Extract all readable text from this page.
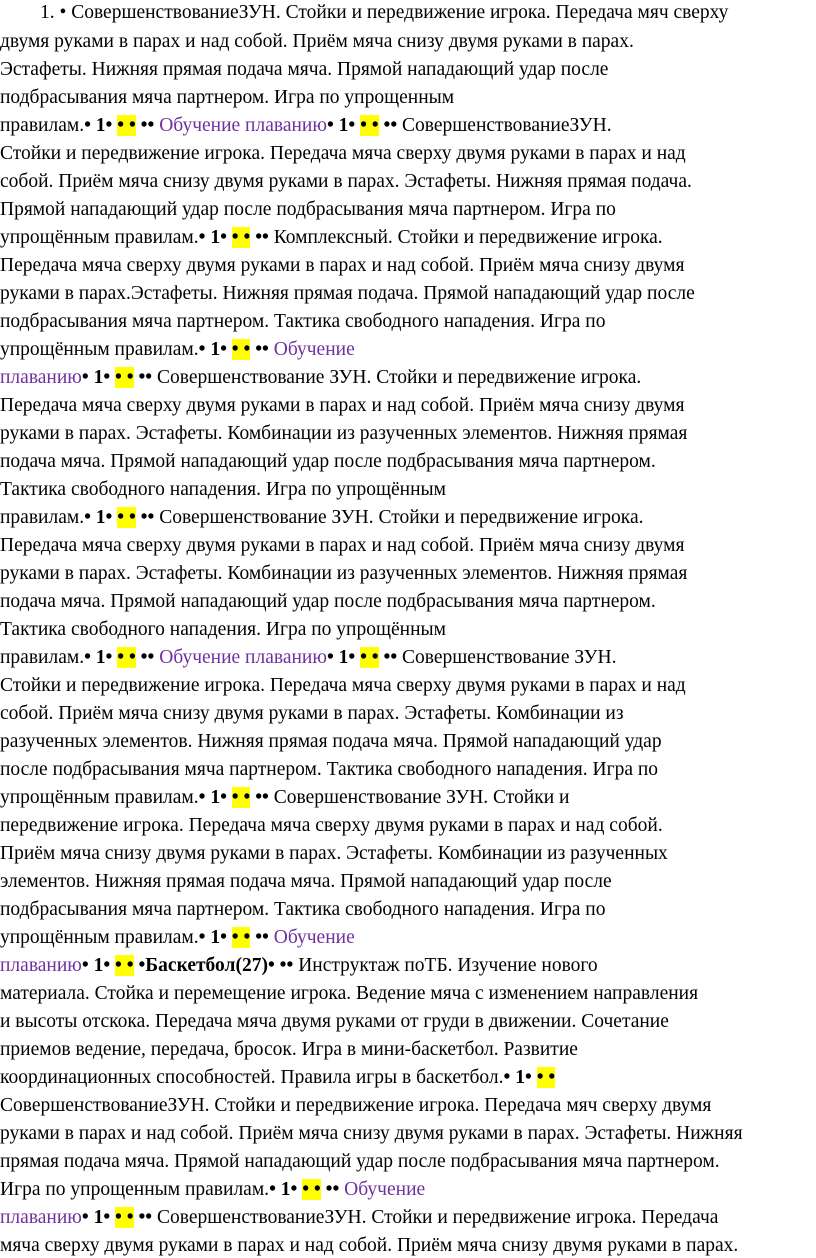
1. • СовершенствованиеЗУН. Стойки и передвижение игрока. Передача мяч сверху
двумя руками в парах и над собой. Приём мяча снизу двумя руками в парах.
Эстафеты. Нижняя прямая подача мяча. Прямой нападающий удар после
подбрасывания мяча партнером. Игра по упрощенным
правилам.• 1• • • •• Обучение плаванию• 1• • • •• СовершенствованиеЗУН.
Стойки и передвижение игрока. Передача мяча сверху двумя руками в парах и над
собой. Приём мяча снизу двумя руками в парах. Эстафеты. Нижняя прямая подача.
Прямой нападающий удар после подбрасывания мяча партнером. Игра по
упрощённым правилам.• 1• • • •• Комплексный. Стойки и передвижение игрока.
Передача мяча сверху двумя руками в парах и над собой. Приём мяча снизу двумя
руками в парах.Эстафеты. Нижняя прямая подача. Прямой нападающий удар после
подбрасывания мяча партнером. Тактика свободного нападения. Игра по
упрощённым правилам.• 1• • • •• Обучение
плаванию• 1• • • •• Совершенствование ЗУН. Стойки и передвижение игрока.
Передача мяча сверху двумя руками в парах и над собой. Приём мяча снизу двумя
руками в парах. Эстафеты. Комбинации из разученных элементов. Нижняя прямая
подача мяча. Прямой нападающий удар после подбрасывания мяча партнером.
Тактика свободного нападения. Игра по упрощённым
правилам.• 1• • • •• Совершенствование ЗУН. Стойки и передвижение игрока.
Передача мяча сверху двумя руками в парах и над собой. Приём мяча снизу двумя
руками в парах. Эстафеты. Комбинации из разученных элементов. Нижняя прямая
подача мяча. Прямой нападающий удар после подбрасывания мяча партнером.
Тактика свободного нападения. Игра по упрощённым
правилам.• 1• • • •• Обучение плаванию• 1• • • •• Совершенствование ЗУН.
Стойки и передвижение игрока. Передача мяча сверху двумя руками в парах и над
собой. Приём мяча снизу двумя руками в парах. Эстафеты. Комбинации из
разученных элементов. Нижняя прямая подача мяча. Прямой нападающий удар
после подбрасывания мяча партнером. Тактика свободного нападения. Игра по
упрощённым правилам.• 1• • • •• Совершенствование ЗУН. Стойки и
передвижение игрока. Передача мяча сверху двумя руками в парах и над собой.
Приём мяча снизу двумя руками в парах. Эстафеты. Комбинации из разученных
элементов. Нижняя прямая подача мяча. Прямой нападающий удар после
подбрасывания мяча партнером. Тактика свободного нападения. Игра по
упрощённым правилам.• 1• • • •• Обучение
плаванию• 1• • • •Баскетбол(27)• •• Инструктаж поТБ. Изучение нового
материала. Стойка и перемещение игрока. Ведение мяча с изменением направления
и высоты отскока. Передача мяча двумя руками от груди в движении. Сочетание
приемов ведение, передача, бросок. Игра в мини-баскетбол. Развитие
координационных способностей. Правила игры в баскетбол.• 1• • •
СовершенствованиеЗУН. Стойки и передвижение игрока. Передача мяч сверху двумя
руками в парах и над собой. Приём мяча снизу двумя руками в парах. Эстафеты. Нижняя
прямая подача мяча. Прямой нападающий удар после подбрасывания мяча партнером.
Игра по упрощенным правилам.• 1• • • •• Обучение
плаванию• 1• • • •• СовершенствованиеЗУН. Стойки и передвижение игрока. Передача
мяча сверху двумя руками в парах и над собой. Приём мяча снизу двумя руками в парах.
